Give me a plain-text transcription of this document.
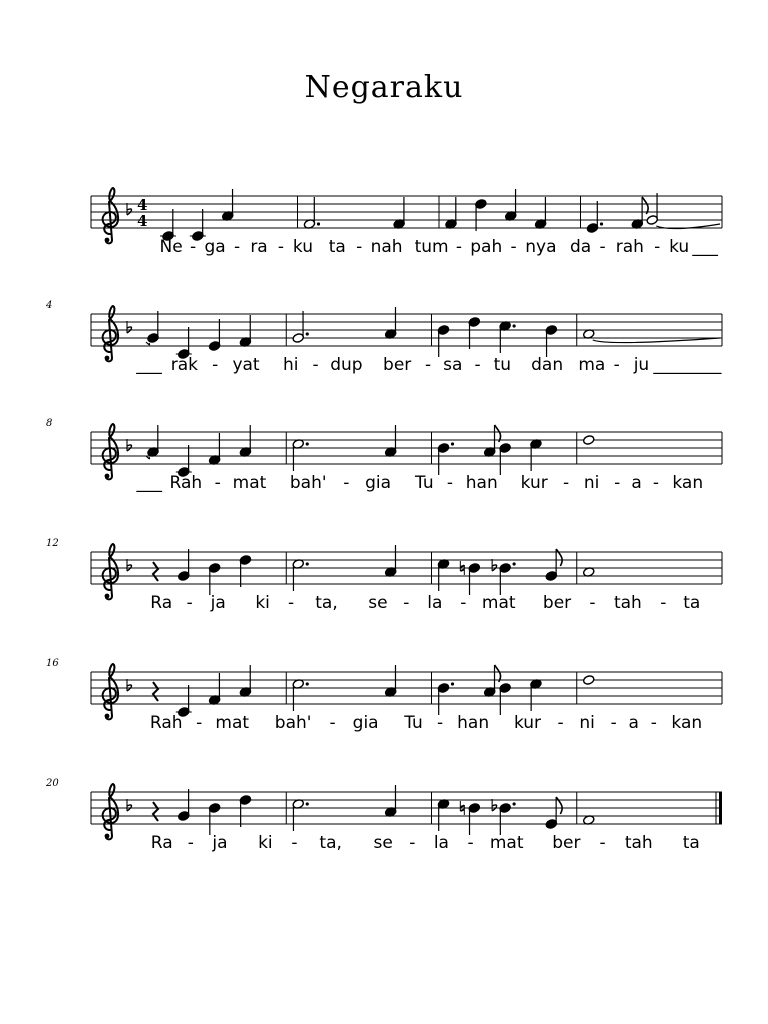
Negaraku
4
4
Ne - ga - ra - ku ta - nah tum - pah - nya da - rah - ku ___
4
___ rak - yat hi - dup ber - sa - tu dan ma - ju ________
8
___ Rah - mat bah' - gia Tu - han kur - ni - a - kan
12
Ra - ja ki - ta, se - la - mat ber - tah - ta
16
Rah - mat bah' - gia Tu - han kur - ni - a - kan
20
Ra - ja ki - ta, se - la - mat ber - tah ta
